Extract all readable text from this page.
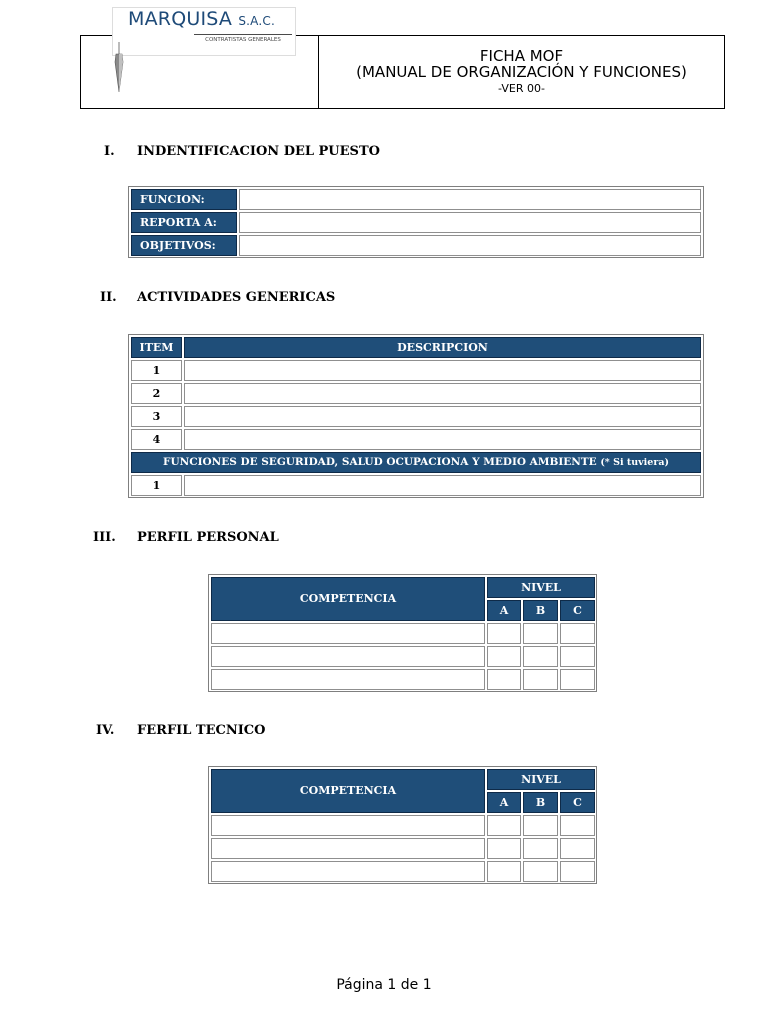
FICHA MOF
(MANUAL DE ORGANIZACIÓN Y FUNCIONES)
-VER 00-
MARQUISA S.A.C.
CONTRATISTAS GENERALES
I. INDENTIFICACION DEL PUESTO
FUNCION:
REPORTA A:
OBJETIVOS:
II. ACTIVIDADES GENERICAS
ITEM	DESCRIPCION
1
2
3
4
FUNCIONES DE SEGURIDAD, SALUD OCUPACIONA Y MEDIO AMBIENTE (* Si tuviera)
1
III. PERFIL PERSONAL
COMPETENCIA
NIVEL
A	B	C
IV. FERFIL TECNICO
COMPETENCIA
NIVEL
A	B	C
Página 1 de 1
